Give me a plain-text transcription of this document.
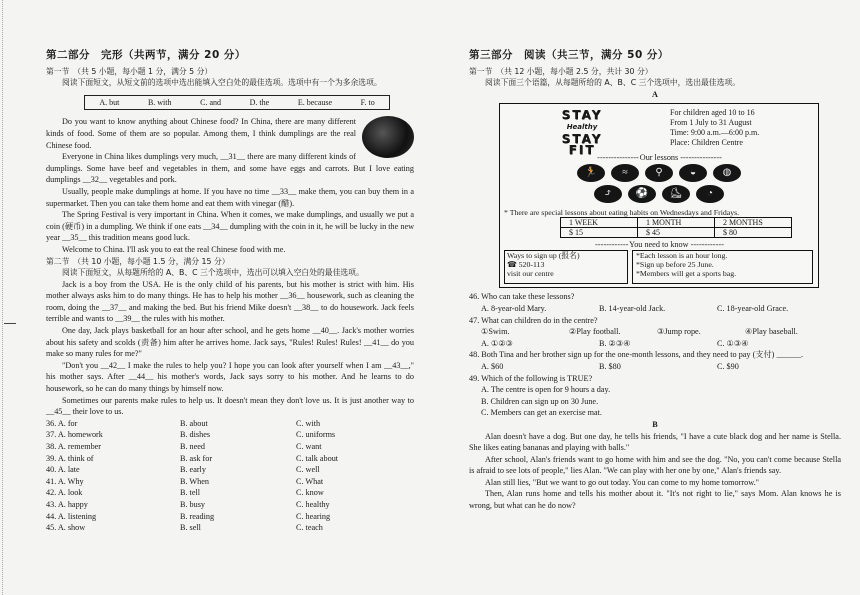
第二部分　完形（共两节，满分 20 分）
第一节　（共 5 小题，每小题 1 分，满分 5 分）

阅读下面短文，从短文前的选项中选出能填入空白处的最佳选项。选项中有一个为多余选项。

A. but	B. with	C. and	D. the	E. because	F. to

Do you want to know anything about Chinese food? In China, there are many different kinds of food. Some of them are so popular. Among them, I think dumplings are the real Chinese food.

Everyone in China likes dumplings very much, __31__ there are many different kinds of dumplings. Some have beef and vegetables in them, and some have eggs and carrots. But I love eating dumplings __32__ vegetables and pork.

Usually, people make dumplings at home. If you have no time __33__ make them, you can buy them in a supermarket. Then you can take them home and eat them with vinegar (醋).

The Spring Festival is very important in China. When it comes, we make dumplings, and usually we put a coin (硬币) in a dumpling. We think if one eats __34__ dumpling with the coin in it, he will be lucky in the new year __35__ this tradition means good luck.

Welcome to China. I'll ask you to eat the real Chinese food with me.

第二节　（共 10 小题，每小题 1.5 分，满分 15 分）

阅读下面短文，从每题所给的 A、B、C 三个选项中，选出可以填入空白处的最佳选项。

Jack is a boy from the USA. He is the only child of his parents, but his mother is strict with him. His mother always asks him to do many things. He has to help his mother __36__ housework, such as cleaning the room, doing the __37__ and making the bed. But his friend Mike doesn't __38__ to do housework. Jack feels terrible and wants to __39__ the rules with his mother.

One day, Jack plays basketball for an hour after school, and he gets home __40__. Jack's mother worries about his safety and scolds (责备) him after he arrives home. Jack says, "Rules! Rules! Rules! __41__ do you make so many rules for me?"

"Don't you __42__ I make the rules to help you? I hope you can look after yourself when I am __43__," his mother says. After __44__ his mother's words, Jack says sorry to his mother. And he learns to do housework, so he can do many things by himself now.

Sometimes our parents make rules to help us. It doesn't mean they don't love us. It is just another way to __45__ their love to us.

36. A. for	B. about	C. with
37. A. homework	B. dishes	C. uniforms
38. A. remember	B. need	C. want
39. A. think of	B. ask for	C. talk about
40. A. late	B. early	C. well
41. A. Why	B. When	C. What
42. A. look	B. tell	C. know
43. A. happy	B. busy	C. healthy
44. A. listening	B. reading	C. hearing
45. A. show	B. sell	C. teach
第三部分　阅读（共三节，满分 50 分）
第一节　（共 12 小题，每小题 2.5 分，共计 30 分）

阅读下面三个语篇，从每题所给的 A、B、C 三个选项中，选出最佳选项。

A
STAY
Healthy
STAY FIT
For children aged 10 to 16
From 1 July to 31 August
Time: 9:00 a.m.—6:00 p.m.
Place: Children Centre
- - - - - - - - - - - - - - - Our lessons - - - - - - - - - - - - - - -
🏃	≈	⚲	◒	◍
⤴	⚽	⛸	◔
* There are special lessons about eating habits on Wednesdays and Fridays.
1 WEEK	1 MONTH	2 MONTHS
$ 15	$ 45	$ 80
- - - - - - - - - - - - You need to know - - - - - - - - - - - -
Ways to sign up (报名)
☎ 520-113
visit our centre
*Each lesson is an hour long.
*Sign up before 25 June.
*Members will get a sports bag.
46. Who can take these lessons?
A. 8-year-old Mary.	B. 14-year-old Jack.	C. 18-year-old Grace.
47. What can children do in the centre?
①Swim.	②Play football.	③Jump rope.	④Play baseball.
A. ①②③	B. ②③④	C. ①③④
48. Both Tina and her brother sign up for the one-month lessons, and they need to pay (支付) ______.
A. $60	B. $80	C. $90
49. Which of the following is TRUE?
A. The centre is open for 9 hours a day.
B. Children can sign up on 30 June.
C. Members can get an exercise mat.
B

Alan doesn't have a dog. But one day, he tells his friends, "I have a cute black dog and her name is Stella. She likes eating bananas and playing with balls."

After school, Alan's friends want to go home with him and see the dog. "No, you can't come because Stella is afraid to see lots of people," lies Alan. "We can play with her one by one," Alan's friends say.

Alan still lies, "But we want to go out today. You can come to my home tomorrow."

Then, Alan runs home and tells his mother about it. "It's not right to lie," says Mom. Alan knows he is wrong, but what can he do now?
